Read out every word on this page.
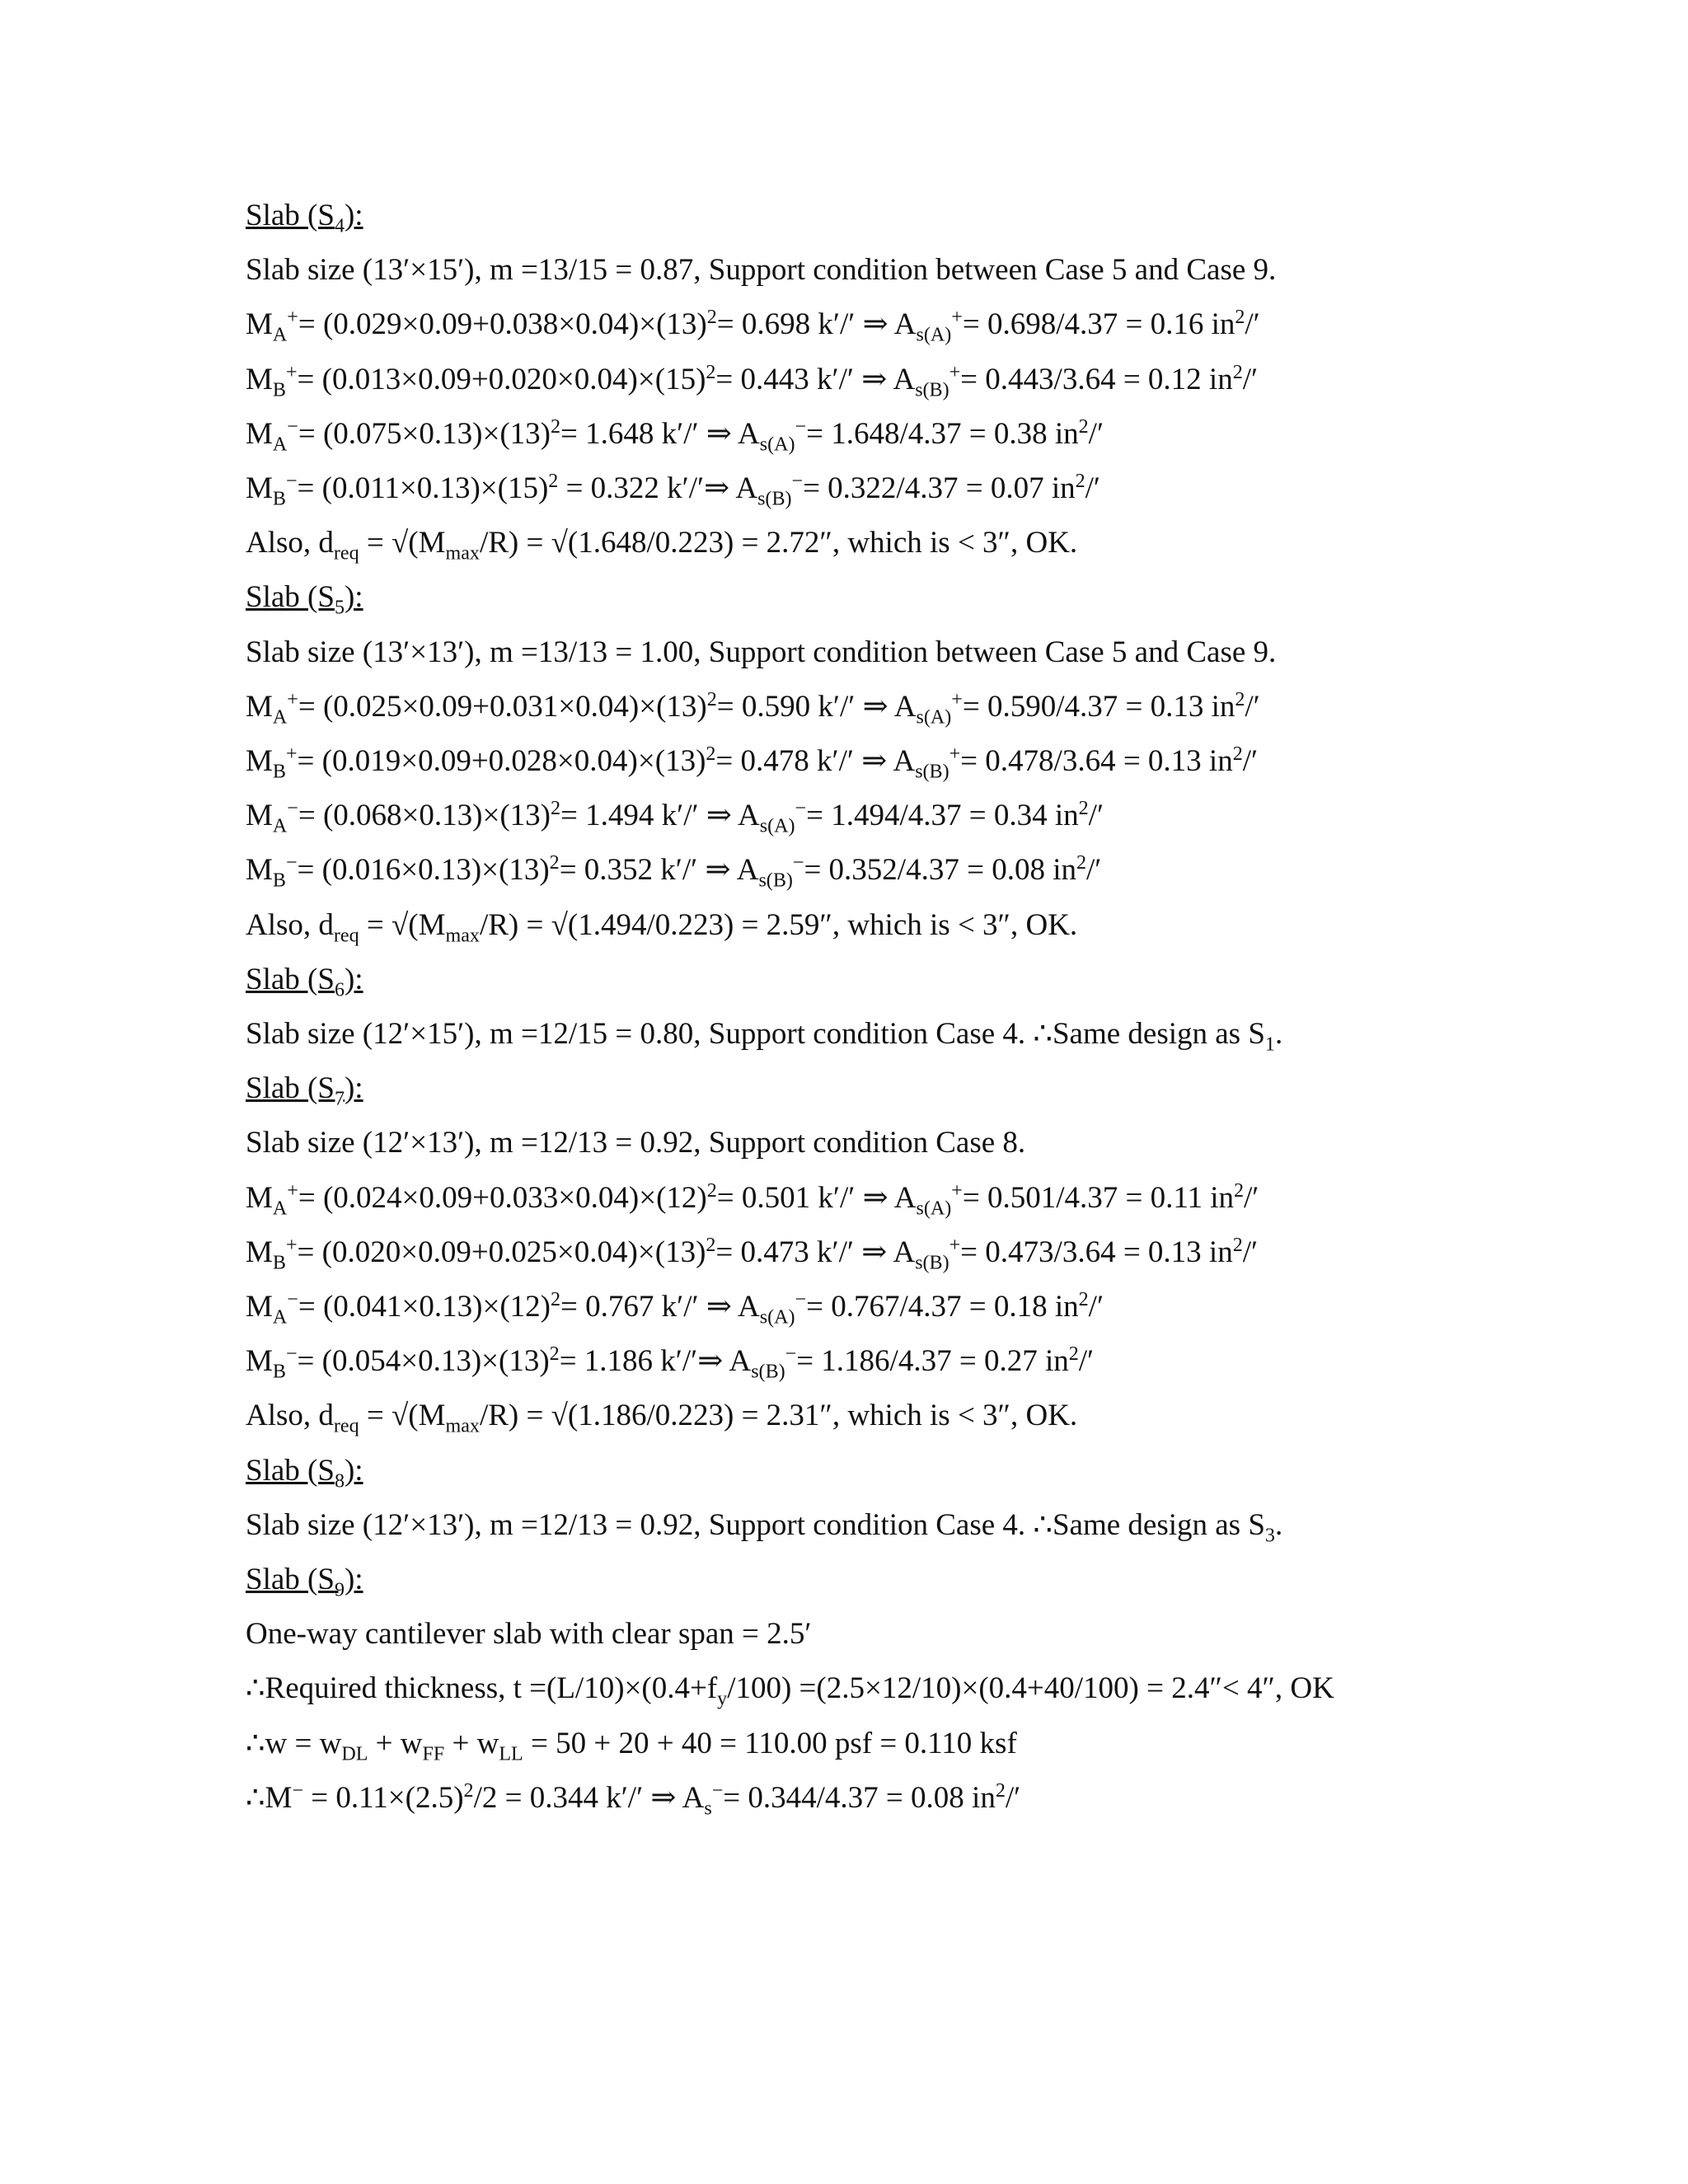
Slab $(S_4)$:
Slab size (13′×15′), m =13/15 = 0.87, Support condition between Case 5 and Case 9.
$M_A^+= (0.029\times 0.09+0.038\times 0.04)\times(13)^2= 0.698$ k′/′ ⇒ $A_{s(A)}^+= 0.698/4.37 = 0.16$ $in^2/'$
$M_B^+= (0.013\times 0.09+0.020\times 0.04)\times(15)^2= 0.443$ k′/′ ⇒ $A_{s(B)}^+= 0.443/3.64 = 0.12$ $in^2/'$
$M_A^-= (0.075\times 0.13)\times(13)^2= 1.648$ k′/′ ⇒ $A_{s(A)}^-= 1.648/4.37 = 0.38$ $in^2/'$
$M_B^-= (0.011\times 0.13)\times(15)^2 = 0.322$ k′/′⇒ $A_{s(B)}^-= 0.322/4.37 = 0.07$ $in^2/'$
Also, $d_{req} = √(M_{max}/R) = √(1.648/0.223) = 2.72''$, which is < 3″, OK.
Slab $(S_5)$:
Slab size (13′×13′), m =13/13 = 1.00, Support condition between Case 5 and Case 9.
$M_A^+= (0.025\times 0.09+0.031\times 0.04)\times(13)^2= 0.590$ k′/′ ⇒ $A_{s(A)}^+= 0.590/4.37 = 0.13$ $in^2/'$
$M_B^+= (0.019\times 0.09+0.028\times 0.04)\times(13)^2= 0.478$ k′/′ ⇒ $A_{s(B)}^+= 0.478/3.64 = 0.13$ $in^2/'$
$M_A^-= (0.068\times 0.13)\times(13)^2= 1.494$ k′/′ ⇒ $A_{s(A)}^-= 1.494/4.37 = 0.34$ $in^2/'$
$M_B^-= (0.016\times 0.13)\times(13)^2= 0.352$ k′/′ ⇒ $A_{s(B)}^-= 0.352/4.37 = 0.08$ $in^2/'$
Also, $d_{req} = √(M_{max}/R) = √(1.494/0.223) = 2.59''$, which is < 3″, OK.
Slab $(S_6)$:
Slab size (12′×15′), m =12/15 = 0.80, Support condition Case 4. ∴Same design as $S_1$.
Slab $(S_7)$:
Slab size (12′×13′), m =12/13 = 0.92, Support condition Case 8.
$M_A^+= (0.024\times 0.09+0.033\times 0.04)\times(12)^2= 0.501$ k′/′ ⇒ $A_{s(A)}^+= 0.501/4.37 = 0.11$ $in^2/'$
$M_B^+= (0.020\times 0.09+0.025\times 0.04)\times(13)^2= 0.473$ k′/′ ⇒ $A_{s(B)}^+= 0.473/3.64 = 0.13$ $in^2/'$
$M_A^-= (0.041\times 0.13)\times(12)^2= 0.767$ k′/′ ⇒ $A_{s(A)}^-= 0.767/4.37 = 0.18$ $in^2/'$
$M_B^-= (0.054\times 0.13)\times(13)^2= 1.186$ k′/′⇒ $A_{s(B)}^-= 1.186/4.37 = 0.27$ $in^2/'$
Also, $d_{req} = √(M_{max}/R) = √(1.186/0.223) = 2.31''$, which is < 3″, OK.
Slab $(S_8)$:
Slab size (12′×13′), m =12/13 = 0.92, Support condition Case 4. ∴Same design as $S_3$.
Slab $(S_9)$:
One-way cantilever slab with clear span = 2.5′
∴Required thickness, $t =(L/10)\times(0.4+f_y/100) =(2.5\times 12/10)\times(0.4+40/100) = 2.4''< 4''$, OK
∴w = $w_{DL} + w_{FF} + w_{LL} = 50 + 20 + 40 = 110.00$ psf = 0.110 ksf
∴M− = $0.11\times(2.5)^2/2 = 0.344$ k′/′ ⇒ $A_s^-= 0.344/4.37 = 0.08$ $in^2/'$
